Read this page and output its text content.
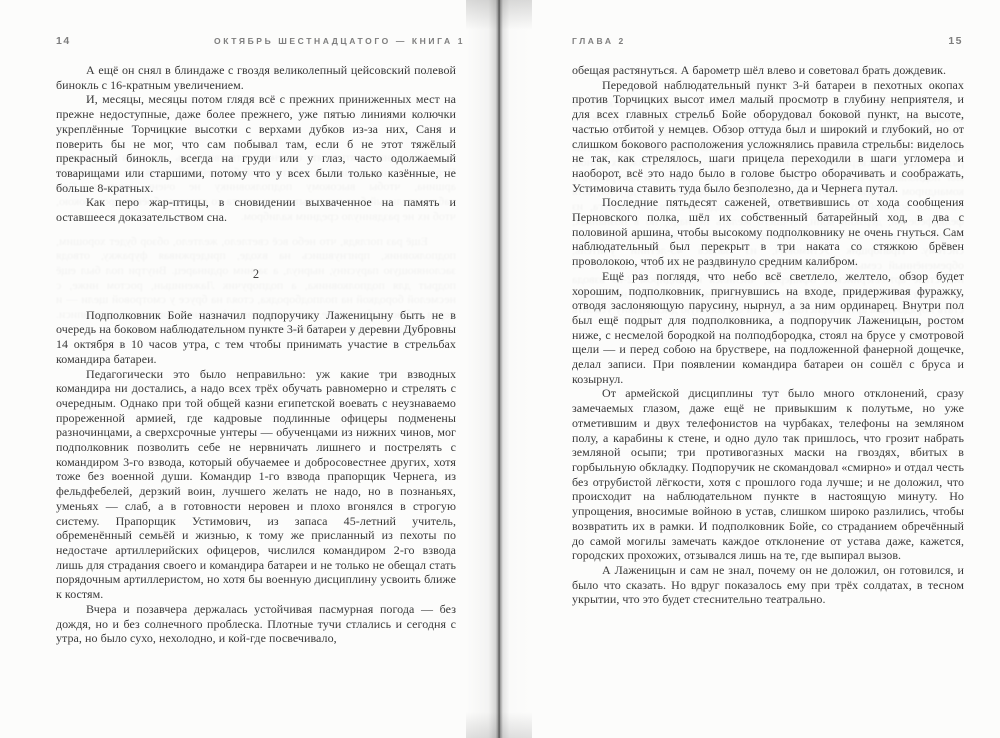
14	ОКТЯБРЬ ШЕСТНАДЦАТОГО — КНИГА 1

А ещё он снял в блиндаже с гвоздя великолепный цейсовский полевой бинокль с 16-кратным увеличением.

И, месяцы, месяцы потом глядя всё с прежних приниженных мест на прежне недоступные, даже более прежнего, уже пятью линиями колючки укреплённые Торчицкие высотки с верхами дубков из-за них, Саня и поверить бы не мог, что сам побывал там, если б не этот тяжёлый прекрасный бинокль, всегда на груди или у глаз, часто одолжаемый товарищами или старшими, потому что у всех были только казённые, не больше 8-кратных.

Как перо жар-птицы, в сновидении выхваченное на память и оставшееся доказательством сна.

2

Подполковник Бойе назначил подпоручику Лаженицыну быть не в очередь на боковом наблюдательном пункте 3-й батареи у деревни Дубровны 14 октября в 10 часов утра, с тем чтобы принимать участие в стрельбах командира батареи.

Педагогически это было неправильно: уж какие три взводных командира ни достались, а надо всех трёх обучать равномерно и стрелять с очередным. Однако при той общей казни египетской воевать с неузнаваемо прореженной армией, где кадровые подлинные офицеры подменены разночинцами, а сверхсрочные унтеры — обученцами из нижних чинов, мог подполковник позволить себе не нервничать лишнего и пострелять с командиром 3-го взвода, который обучаемее и добросовестнее других, хотя тоже без военной души. Командир 1-го взвода прапорщик Чернега, из фельдфебелей, дерзкий воин, лучшего желать не надо, но в познаньях, уменьях — слаб, а в готовности неровен и плохо вгонялся в строгую систему. Прапорщик Устимович, из запаса 45-летний учитель, обременённый семьёй и жизнью, к тому же присланный из пехоты по недостаче артиллерийских офицеров, числился командиром 2-го взвода лишь для страдания своего и командира батареи и не только не обещал стать порядочным артиллеристом, но хотя бы военную дисциплину усвоить ближе к костям.

Вчера и позавчера держалась устойчивая пасмурная погода — без дождя, но и без солнечного проблеска. Плотные тучи стлались и сегодня с утра, но было сухо, нехолодно, и кой-где посвечивало,

ГЛАВА 2	15

обещая растянуться. А барометр шёл влево и советовал брать дождевик.

Передовой наблюдательный пункт 3-й батареи в пехотных окопах против Торчицких высот имел малый просмотр в глубину неприятеля, и для всех главных стрельб Бойе оборудовал боковой пункт, на высоте, частью отбитой у немцев. Обзор оттуда был и широкий и глубокий, но от слишком бокового расположения усложнялись правила стрельбы: виделось не так, как стрелялось, шаги прицела переходили в шаги угломера и наоборот, всё это надо было в голове быстро оборачивать и соображать, Устимовича ставить туда было безполезно, да и Чернега путал.

Последние пятьдесят саженей, ответвившись от хода сообщения Перновского полка, шёл их собственный батарейный ход, в два с половиной аршина, чтобы высокому подполковнику не очень гнуться. Сам наблюдательный был перекрыт в три наката со стяжкою брёвен проволокою, чтоб их не раздвинуло средним калибром.

Ещё раз поглядя, что небо всё светлело, желтело, обзор будет хорошим, подполковник, пригнувшись на входе, придерживая фуражку, отводя заслоняющую парусину, нырнул, а за ним ординарец. Внутри пол был ещё подрыт для подполковника, а подпоручик Лаженицын, ростом ниже, с несмелой бородкой на полподбородка, стоял на брусе у смотровой щели — и перед собою на бруствере, на подложенной фанерной дощечке, делал записи. При появлении командира батареи он сошёл с бруса и козырнул.

От армейской дисциплины тут было много отклонений, сразу замечаемых глазом, даже ещё не привыкшим к полутьме, но уже отметившим и двух телефонистов на чурбаках, телефоны на земляном полу, а карабины к стене, и одно дуло так пришлось, что грозит набрать земляной осыпи; три противогазных маски на гвоздях, вбитых в горбыльную обкладку. Подпоручик не скомандовал «смирно» и отдал честь без отрубистой лёгкости, хотя с прошлого года лучше; и не доложил, что происходит на наблюдательном пункте в настоящую минуту. Но упрощения, вносимые войною в устав, слишком широко разлились, чтобы возвратить их в рамки. И подполковник Бойе, со страданием обречённый до самой могилы замечать каждое отклонение от устава даже, кажется, городских прохожих, отзывался лишь на те, где выпирал вызов.

А Лаженицын и сам не знал, почему он не доложил, он готовился, и было что сказать. Но вдруг показалось ему при трёх солдатах, в тесном укрытии, что это будет стеснительно театрально.
